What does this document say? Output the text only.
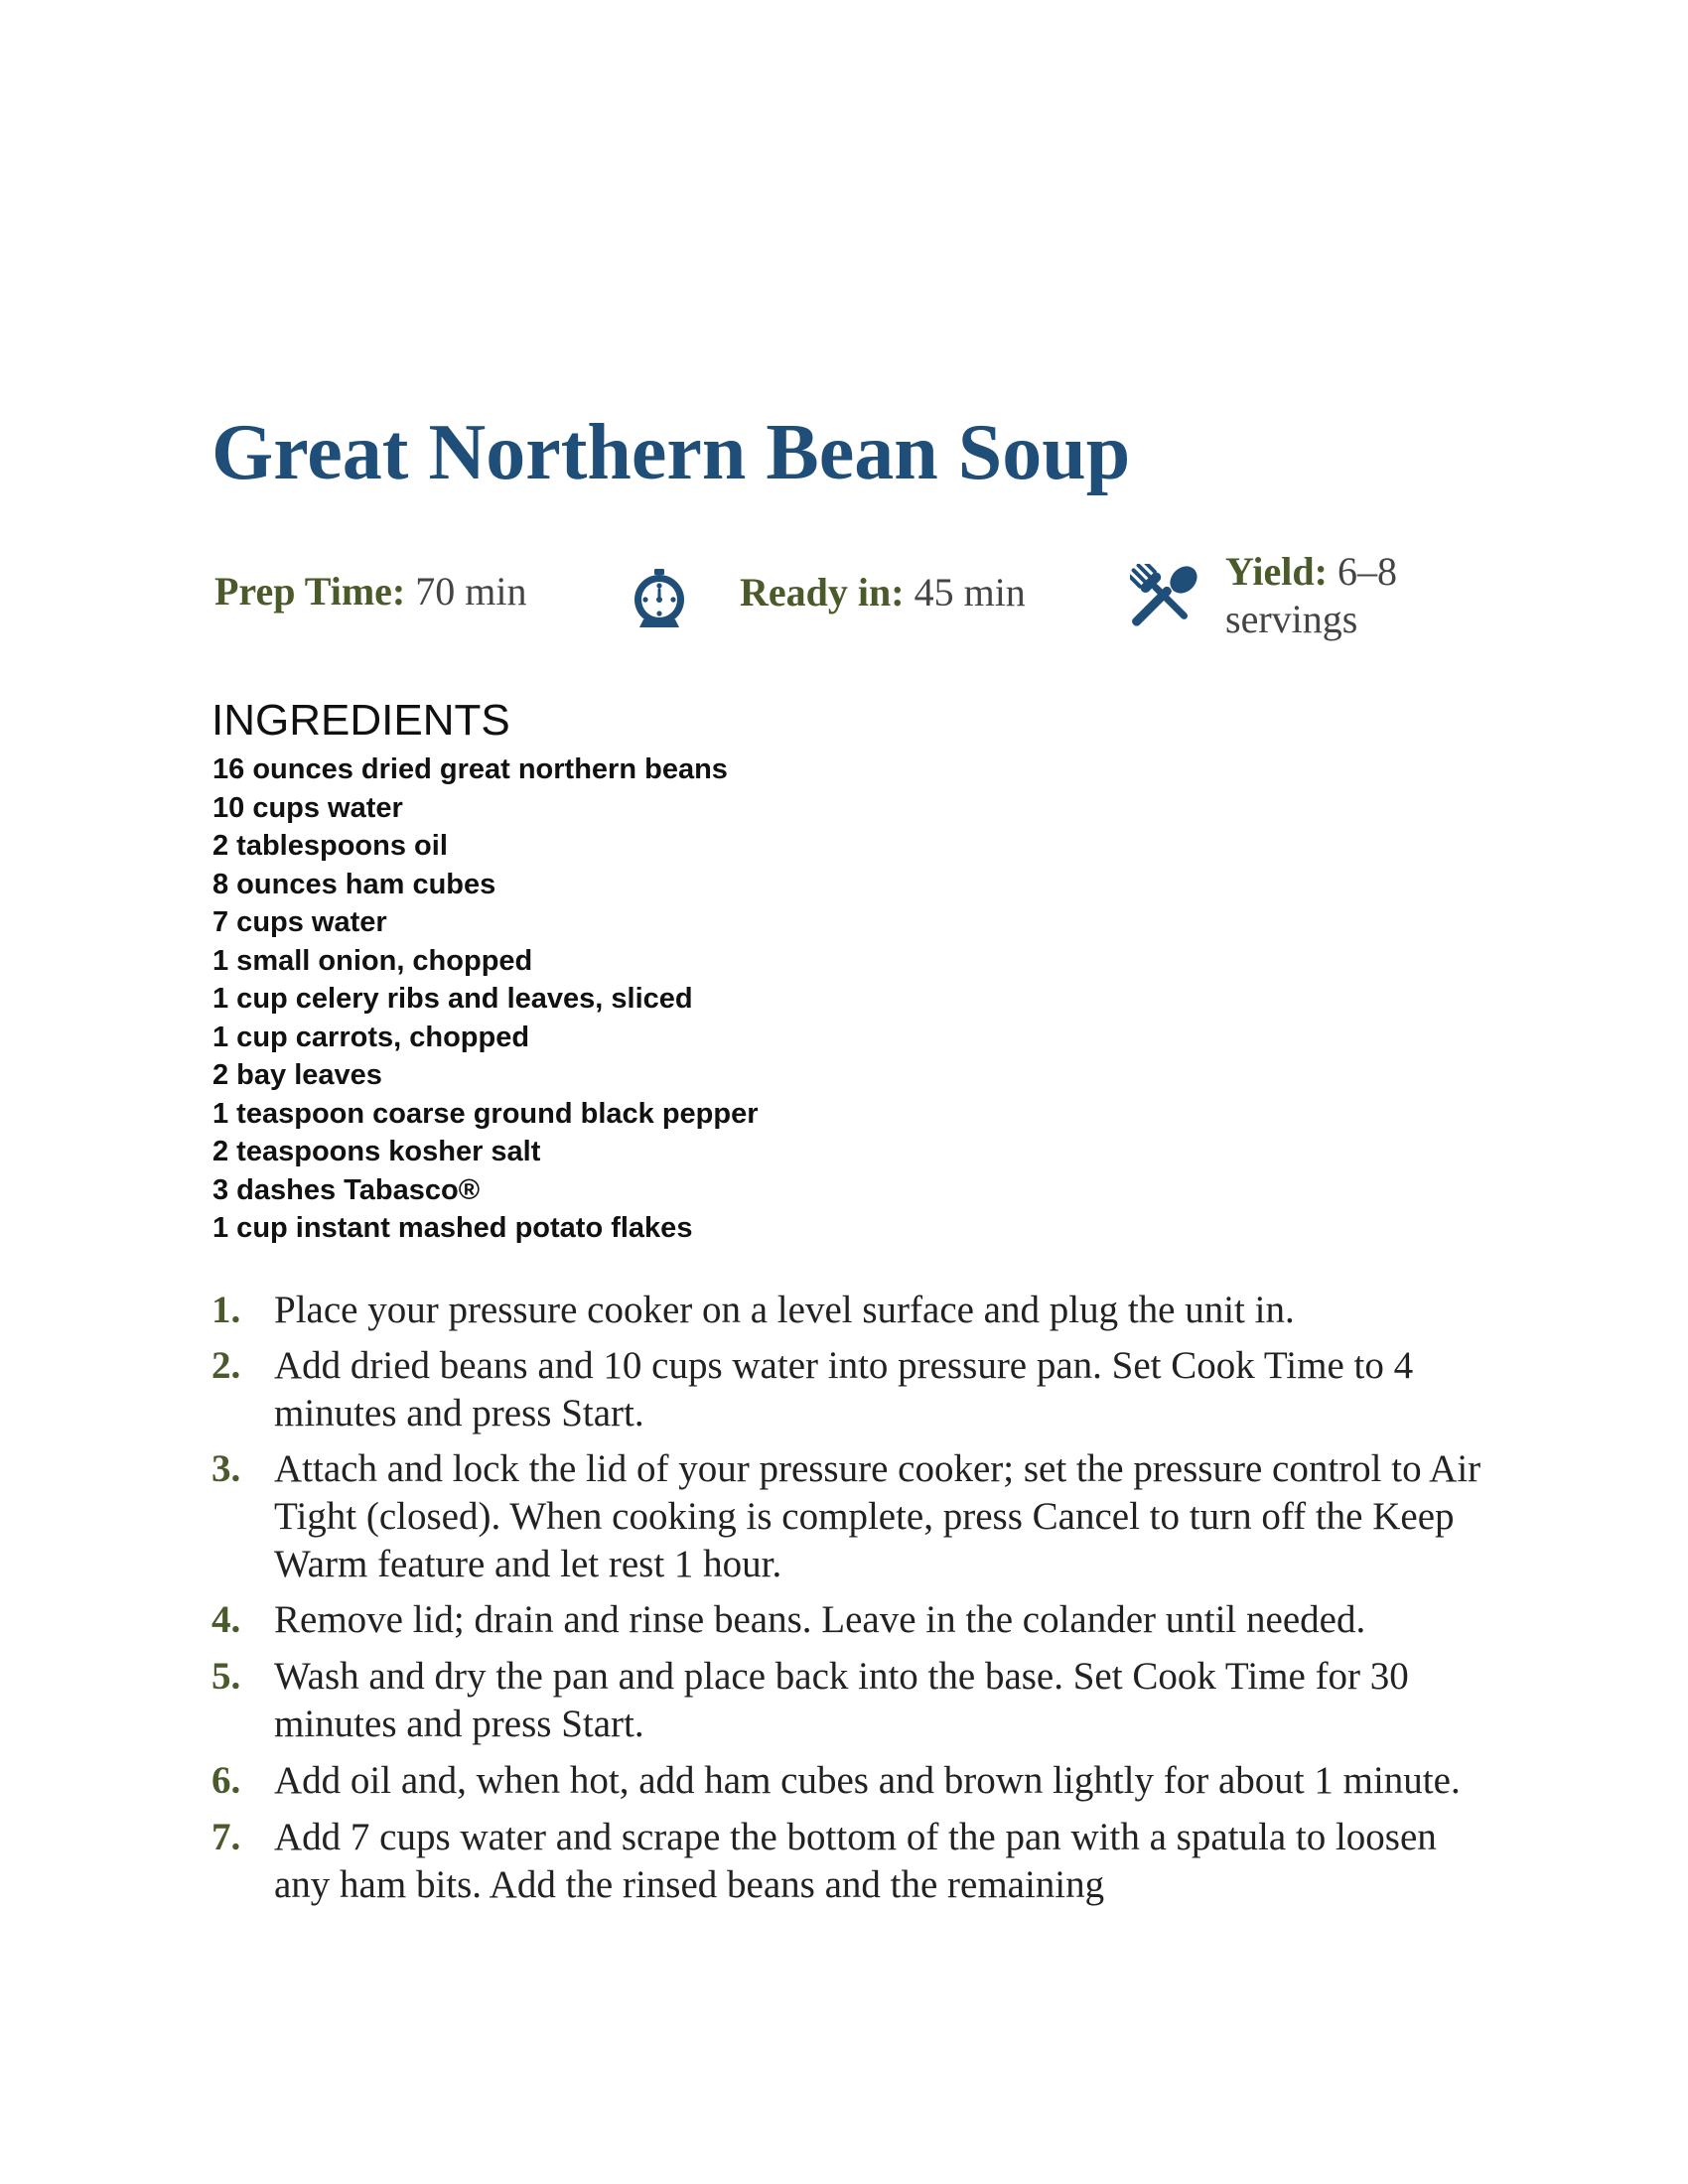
Great Northern Bean Soup
Prep Time: 70 min	Ready in: 45 min	Yield: 6–8
servings
INGREDIENTS
16 ounces dried great northern beans
10 cups water
2 tablespoons oil
8 ounces ham cubes
7 cups water
1 small onion, chopped
1 cup celery ribs and leaves, sliced
1 cup carrots, chopped
2 bay leaves
1 teaspoon coarse ground black pepper
2 teaspoons kosher salt
3 dashes Tabasco®
1 cup instant mashed potato flakes
1. Place your pressure cooker on a level surface and plug the unit in.
2. Add dried beans and 10 cups water into pressure pan. Set Cook Time to 4 minutes and press Start.
3. Attach and lock the lid of your pressure cooker; set the pressure control to Air Tight (closed). When cooking is complete, press Cancel to turn off the Keep Warm feature and let rest 1 hour.
4. Remove lid; drain and rinse beans. Leave in the colander until needed.
5. Wash and dry the pan and place back into the base. Set Cook Time for 30 minutes and press Start.
6. Add oil and, when hot, add ham cubes and brown lightly for about 1 minute.
7. Add 7 cups water and scrape the bottom of the pan with a spatula to loosen any ham bits. Add the rinsed beans and the remaining
